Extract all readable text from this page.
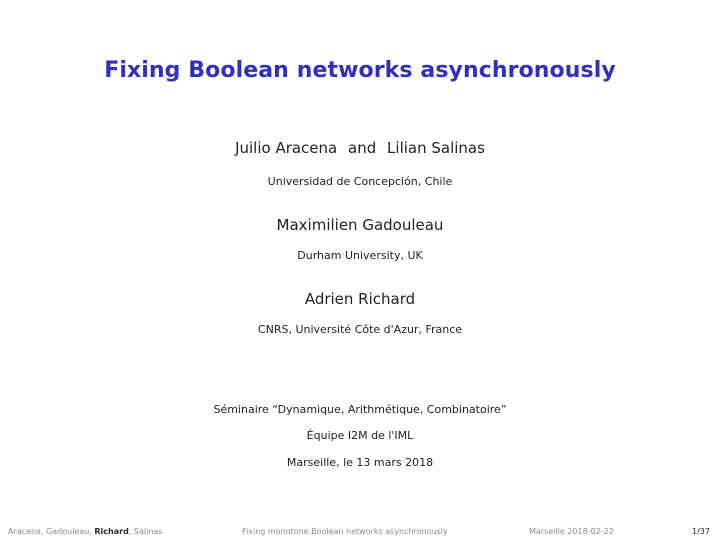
Fixing Boolean networks asynchronously
Juilio Aracena and Lilian Salinas
Universidad de Concepción, Chile
Maximilien Gadouleau
Durham University, UK
Adrien Richard
CNRS, Université Côte d'Azur, France
Séminaire “Dynamique, Arithmétique, Combinatoire”
Équipe I2M de l'IML
Marseille, le 13 mars 2018
Aracena, Gadouleau, Richard, Salinas	Fixing monotone Boolean networks asynchronously	Marseille 2018-02-22	1/37
